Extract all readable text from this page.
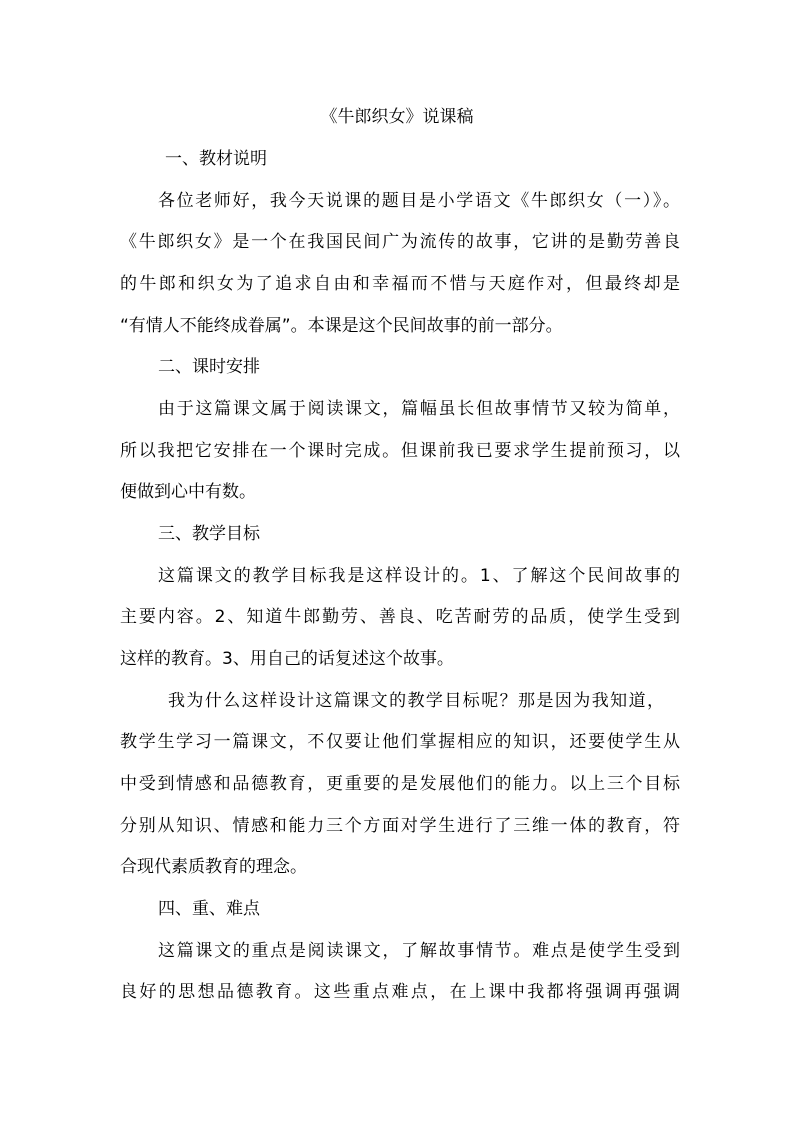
《牛郎织女》说课稿
一、教材说明
各位老师好，我今天说课的题目是小学语文《牛郎织女（一）》。
《牛郎织女》是一个在我国民间广为流传的故事，它讲的是勤劳善良
的牛郎和织女为了追求自由和幸福而不惜与天庭作对，但最终却是
“有情人不能终成眷属”。本课是这个民间故事的前一部分。
二、课时安排
由于这篇课文属于阅读课文，篇幅虽长但故事情节又较为简单，
所以我把它安排在一个课时完成。但课前我已要求学生提前预习，以
便做到心中有数。
三、教学目标
这篇课文的教学目标我是这样设计的。1、了解这个民间故事的
主要内容。2、知道牛郎勤劳、善良、吃苦耐劳的品质，使学生受到
这样的教育。3、用自己的话复述这个故事。
我为什么这样设计这篇课文的教学目标呢？那是因为我知道，
教学生学习一篇课文，不仅要让他们掌握相应的知识，还要使学生从
中受到情感和品德教育，更重要的是发展他们的能力。以上三个目标
分别从知识、情感和能力三个方面对学生进行了三维一体的教育，符
合现代素质教育的理念。
四、重、难点
这篇课文的重点是阅读课文，了解故事情节。难点是使学生受到
良好的思想品德教育。这些重点难点，在上课中我都将强调再强调
